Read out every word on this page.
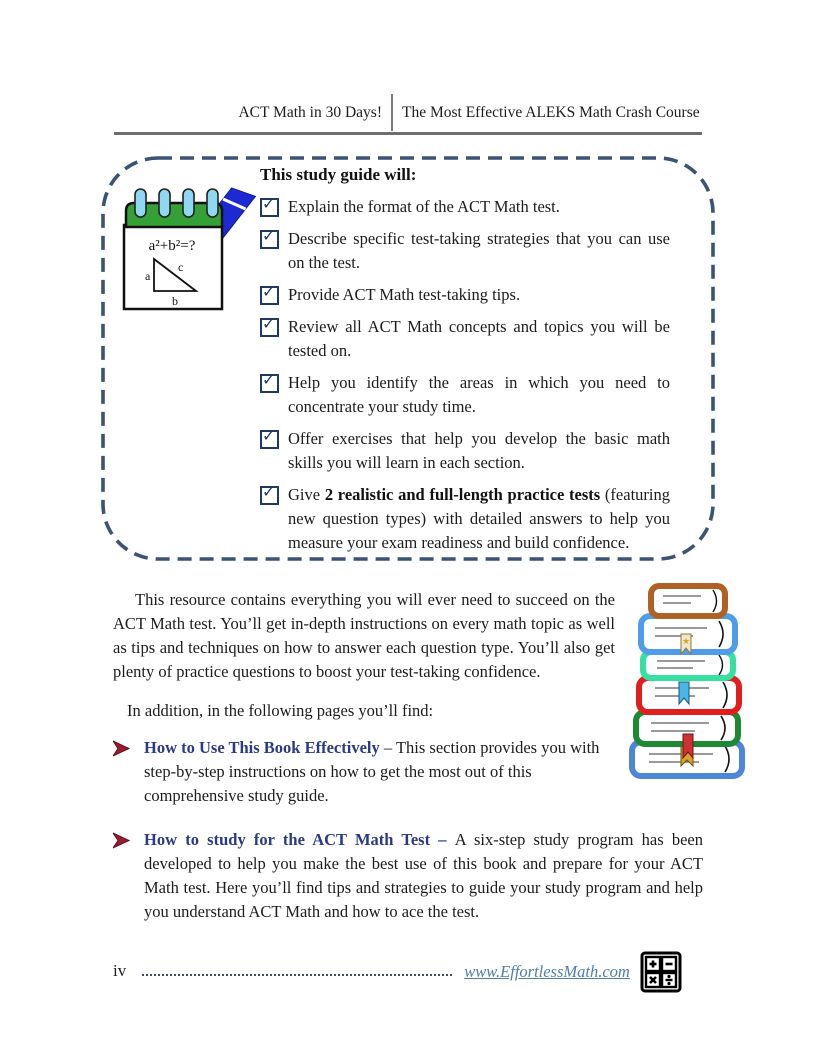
ACT Math in 30 Days!	The Most Effective ALEKS Math Crash Course
a²+b²=?
a
b
c

This study guide will:

✓
Explain the format of the ACT Math test.
✓
Describe specific test-taking strategies that you can use on the test.
✓
Provide ACT Math test-taking tips.
✓
Review all ACT Math concepts and topics you will be tested on.
✓
Help you identify the areas in which you need to concentrate your study time.
✓
Offer exercises that help you develop the basic math skills you will learn in each section.
✓
Give 2 realistic and full-length practice tests (featuring new question types) with detailed answers to help you measure your exam readiness and build confidence.
★

This resource contains everything you will ever need to succeed on the ACT Math test. You’ll get in-depth instructions on every math topic as well as tips and techniques on how to answer each question type. You’ll also get plenty of practice questions to boost your test-taking confidence.

In addition, in the following pages you’ll find:

How to Use This Book Effectively – This section provides you with step-by-step instructions on how to get the most out of this comprehensive study guide.
How to study for the ACT Math Test – A six-step study program has been developed to help you make the best use of this book and prepare for your ACT Math test. Here you’ll find tips and strategies to guide your study program and help you understand ACT Math and how to ace the test.
iv	www.EffortlessMath.com
